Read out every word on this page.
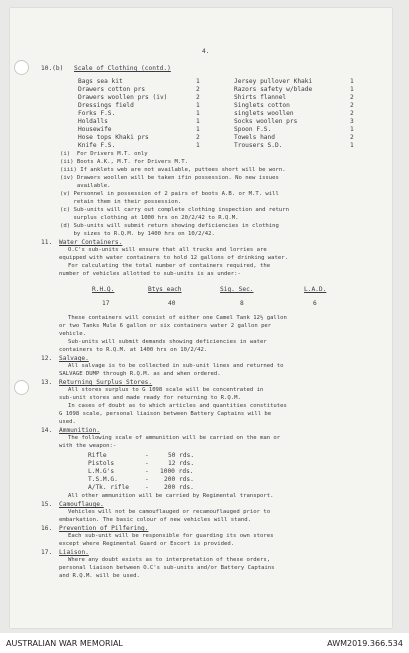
4.
10.(b) Scale of Clothing (contd.)
Bags sea kit	1
Drawers cotton prs	2
Drawers woollen prs (iv)	2
Dressings field	1
Forks F.S.	1
Holdalls	1
Housewife	1
Hose tops Khaki prs	2
Knife F.S.	1
Jersey pullover Khaki	1
Razors safety w/blade	1
Shirts flannel	2
Singlets cotton	2
singlets woollen	2
Socks woollen prs	3
Spoon F.S.	1
Towels hand	2
Trousers S.D.	1
(i)  For Drivers M.T. only
(ii) Boots A.K., M.T. for Drivers M.T.
(iii) If anklets web are not available, puttees short will be worn.
(iv) Drawers woollen will be taken ifin possession. No new issues
available.
(v) Personnel in possession of 2 pairs of boots A.B. or M.T. will
retain them in their possession.
(c) Sub-units will carry out complete clothing inspection and return
surplus clothing at 1000 hrs on 20/2/42 to R.Q.M.
(d) Sub-units will submit return showing deficiencies in clothing
by sizes to R.Q.M. by 1400 hrs on 10/2/42.
11. Water Containers.
O.C's sub-units will ensure that all trucks and lorries are
equipped with water containers to hold 12 gallons of drinking water.
For calculating the total number of containers required, the
number of vehicles allotted to sub-units is as under:-
R.H.Q.	Btys each	Sig. Sec.	L.A.D.
17	40	8	6
These containers will consist of either one Camel Tank 12½ gallon
or two Tanks Mule 6 gallon or six containers water 2 gallon per
vehicle.
Sub-units will submit demands showing deficiencies in water
containers to R.Q.M. at 1400 hrs on 10/2/42.
12. Salvage.
All salvage is to be collected in sub-unit lines and returned to
SALVAGE DUMP through R.Q.M. as and when ordered.
13. Returning Surplus Stores.
All stores surplus to G 1098 scale will be concentrated in
sub-unit stores and made ready for returning to R.Q.M.
In cases of doubt as to which articles and quantities constitutes
G 1098 scale, personal liaison between Battery Captains will be
used.
14. Ammunition.
The following scale of ammunition will be carried on the man or
with the weapon:-
Rifle	-	50 rds.
Pistols	-	12 rds.
L.M.G's	- 1000 rds.
T.S.M.G.	- 200 rds.
A/Tk. rifle	- 200 rds.
All other ammunition will be carried by Regimental transport.
15. Camouflauge.
Vehicles will not be camouflauged or recamouflauged prior to
embarkation. The basic colour of new vehicles will stand.
16. Prevention of Pilfering.
Each sub-unit will be responsible for guarding its own stores
except where Regimental Guard or Escort is provided.
17. Liaison.
Where any doubt exists as to interpretation of these orders,
personal liaison between O.C's sub-units and/or Battery Captains
and R.Q.M. will be used.
AUSTRALIAN WAR MEMORIAL	AWM2019.366.534
